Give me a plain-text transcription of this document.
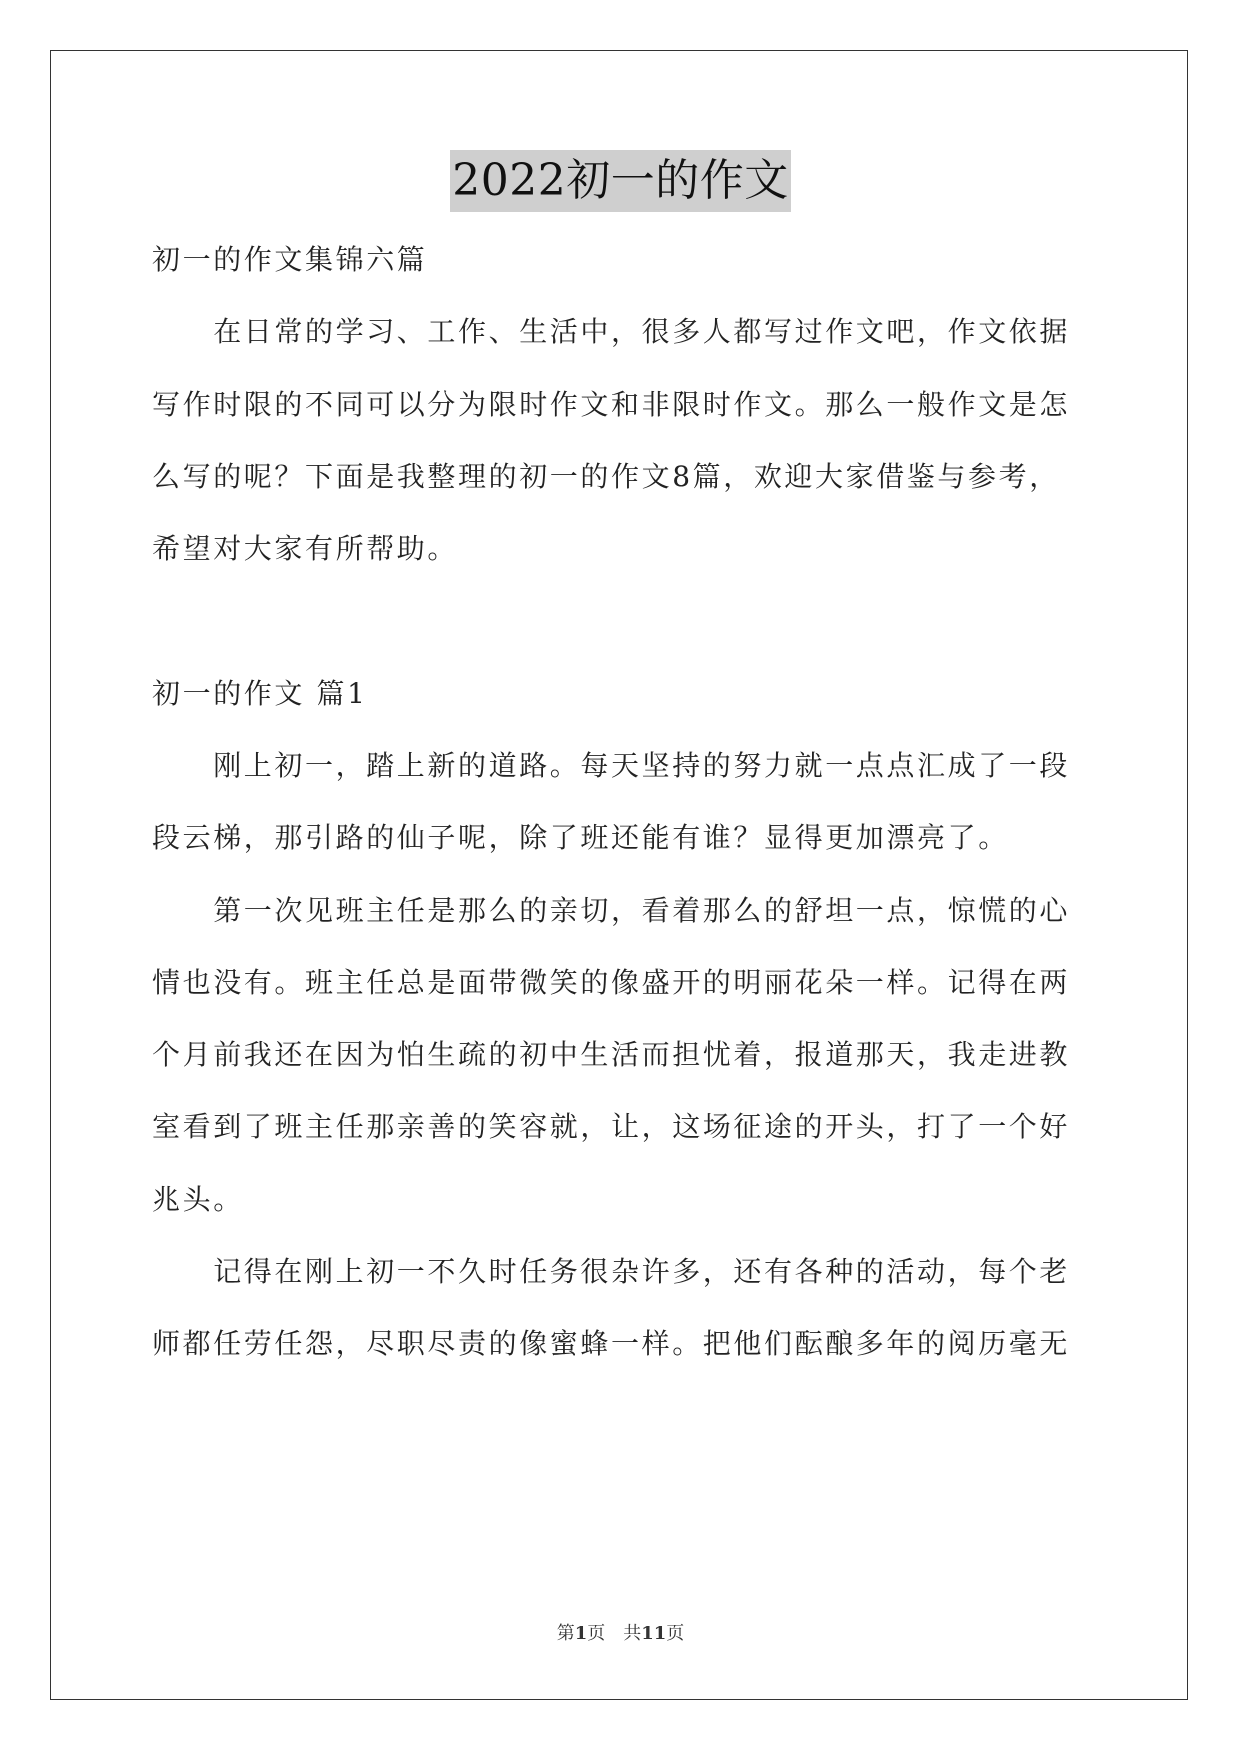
2022初一的作文
初一的作文集锦六篇
　　在日常的学习、工作、生活中，很多人都写过作文吧，作文依据
写作时限的不同可以分为限时作文和非限时作文。那么一般作文是怎
么写的呢？下面是我整理的初一的作文8篇，欢迎大家借鉴与参考，
希望对大家有所帮助。
初一的作文 篇1
　　刚上初一，踏上新的道路。每天坚持的努力就一点点汇成了一段
段云梯，那引路的仙子呢，除了班还能有谁？显得更加漂亮了。
　　第一次见班主任是那么的亲切，看着那么的舒坦一点，惊慌的心
情也没有。班主任总是面带微笑的像盛开的明丽花朵一样。记得在两
个月前我还在因为怕生疏的初中生活而担忧着，报道那天，我走进教
室看到了班主任那亲善的笑容就，让，这场征途的开头，打了一个好
兆头。
　　记得在刚上初一不久时任务很杂许多，还有各种的活动，每个老
师都任劳任怨，尽职尽责的像蜜蜂一样。把他们酝酿多年的阅历毫无
第1页　共11页
